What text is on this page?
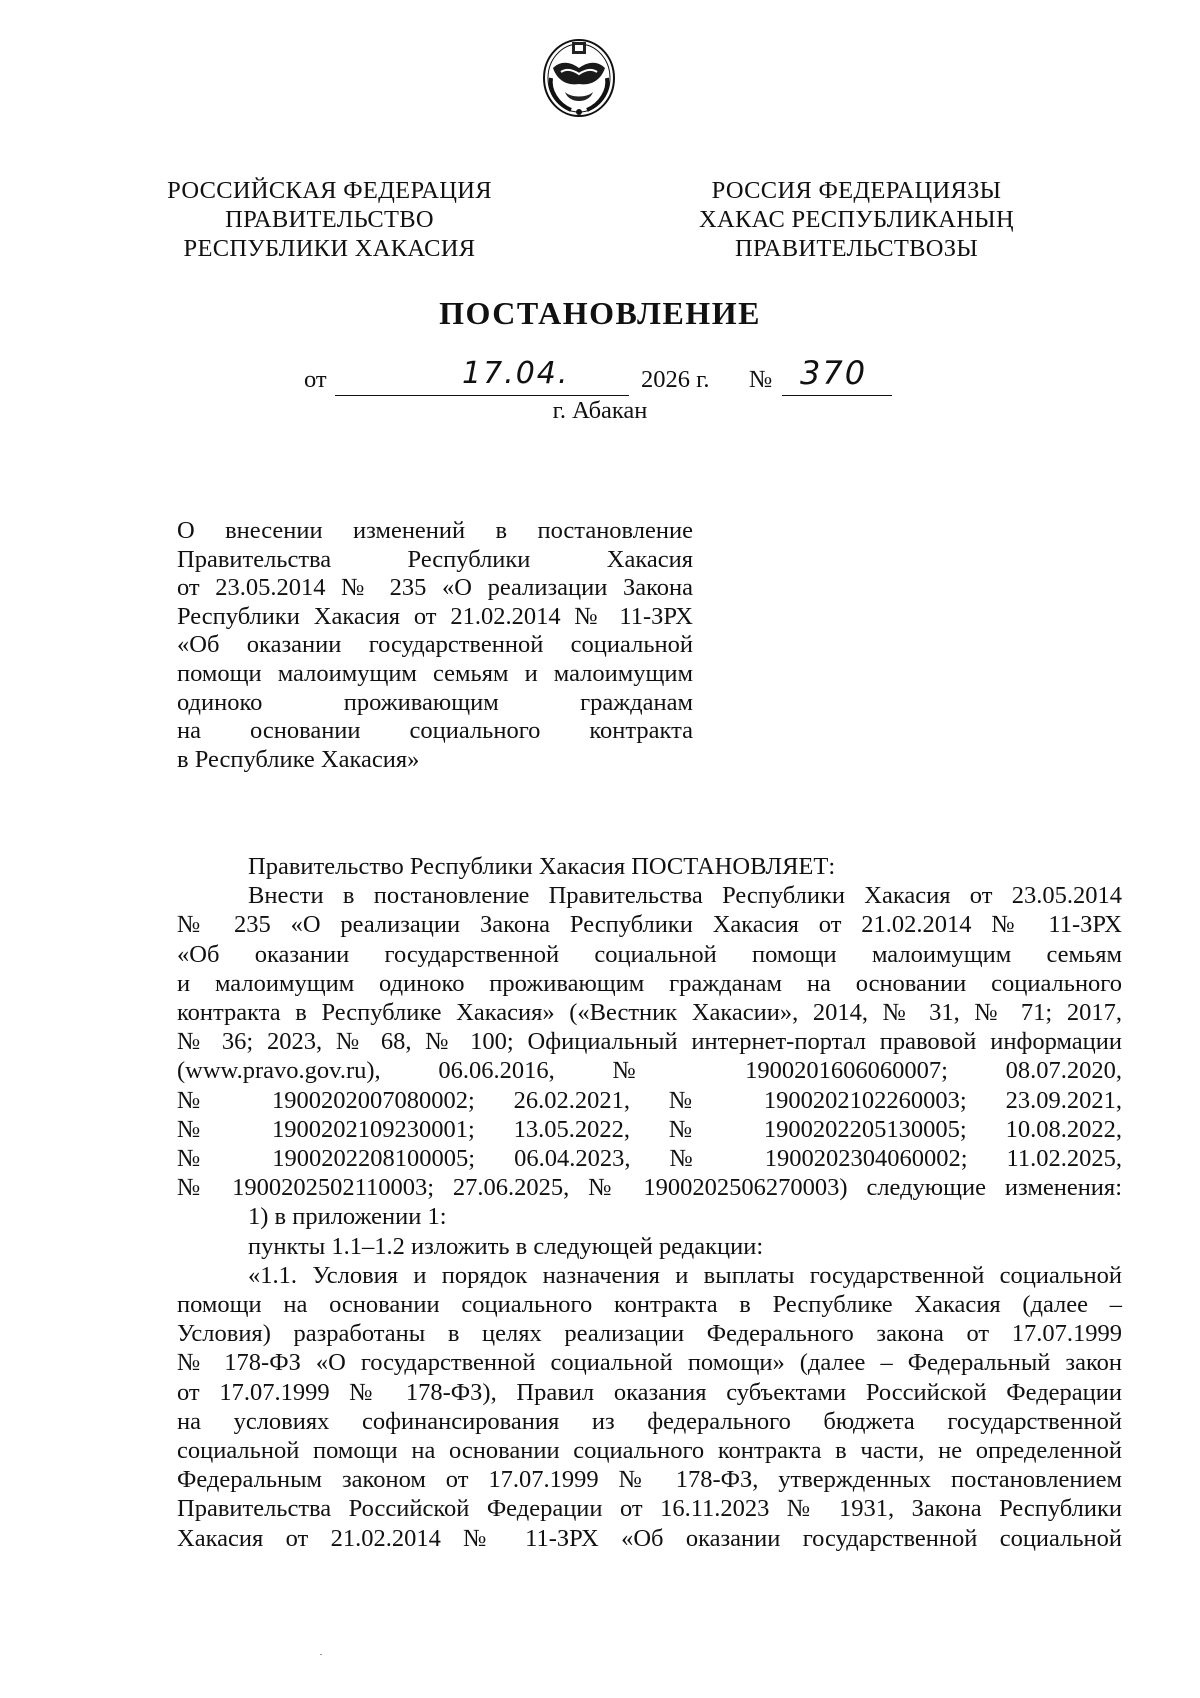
РОССИЙСКАЯ ФЕДЕРАЦИЯ
ПРАВИТЕЛЬСТВО
РЕСПУБЛИКИ ХАКАСИЯ
РОССИЯ ФЕДЕРАЦИЯЗЫ
ХАКАС РЕСПУБЛИКАНЫҢ
ПРАВИТЕЛЬСТВОЗЫ
ПОСТАНОВЛЕНИЕ
от	17.04.	2026 г. № 370
г. Абакан
О внесении изменений в постановление
Правительства Республики Хакасия
от 23.05.2014 № 235 «О реализации Закона
Республики Хакасия от 21.02.2014 № 11-ЗРХ
«Об оказании государственной социальной
помощи малоимущим семьям и малоимущим
одиноко проживающим гражданам
на основании социального контракта
в Республике Хакасия»
Правительство Республики Хакасия ПОСТАНОВЛЯЕТ:
Внести в постановление Правительства Республики Хакасия от 23.05.2014
№ 235 «О реализации Закона Республики Хакасия от 21.02.2014 № 11-ЗРХ
«Об оказании государственной социальной помощи малоимущим семьям
и малоимущим одиноко проживающим гражданам на основании социального
контракта в Республике Хакасия» («Вестник Хакасии», 2014, № 31, № 71; 2017,
№ 36; 2023, № 68, № 100; Официальный интернет-портал правовой информации
(www.pravo.gov.ru), 06.06.2016, № 1900201606060007; 08.07.2020,
№ 1900202007080002; 26.02.2021, № 1900202102260003; 23.09.2021,
№ 1900202109230001; 13.05.2022, № 1900202205130005; 10.08.2022,
№ 1900202208100005; 06.04.2023, № 1900202304060002; 11.02.2025,
№ 1900202502110003; 27.06.2025, № 1900202506270003) следующие изменения:
1) в приложении 1:
пункты 1.1–1.2 изложить в следующей редакции:
«1.1. Условия и порядок назначения и выплаты государственной социальной
помощи на основании социального контракта в Республике Хакасия (далее –
Условия) разработаны в целях реализации Федерального закона от 17.07.1999
№ 178-ФЗ «О государственной социальной помощи» (далее – Федеральный закон
от 17.07.1999 № 178-ФЗ), Правил оказания субъектами Российской Федерации
на условиях софинансирования из федерального бюджета государственной
социальной помощи на основании социального контракта в части, не определенной
Федеральным законом от 17.07.1999 № 178-ФЗ, утвержденных постановлением
Правительства Российской Федерации от 16.11.2023 № 1931, Закона Республики
Хакасия от 21.02.2014 № 11-ЗРХ «Об оказании государственной социальной
